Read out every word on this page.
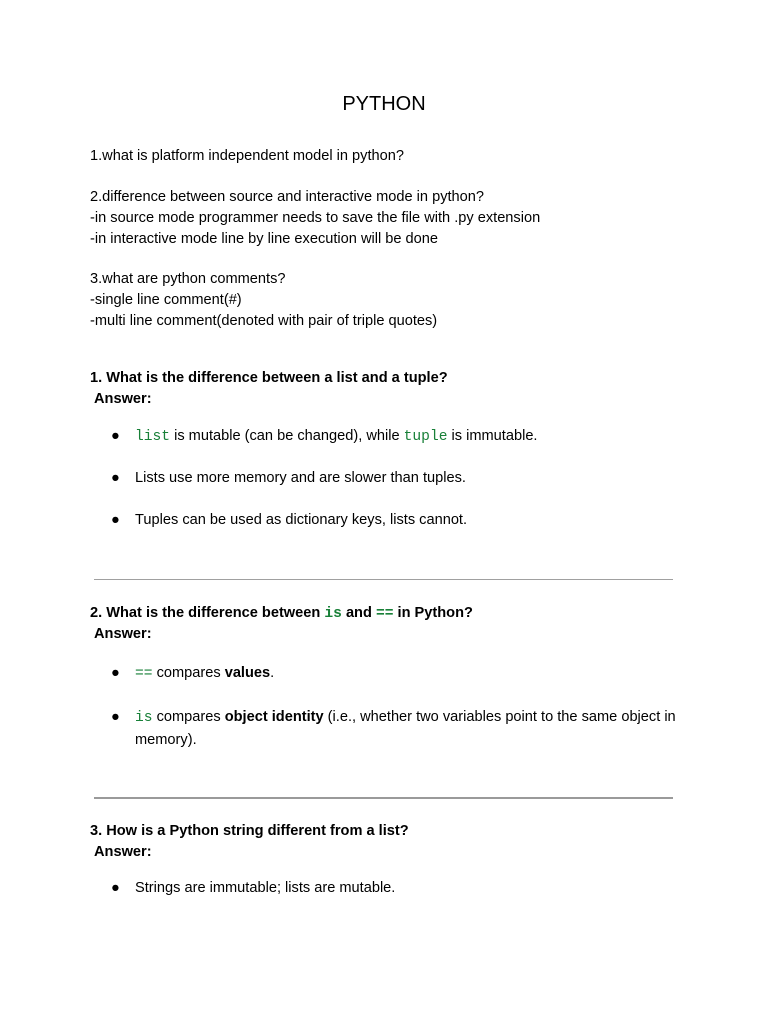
PYTHON
1.what is platform independent model in python?
2.difference between source and interactive mode in python?
-in source mode programmer needs to save the file with .py extension
-in interactive mode line by line execution will be done
3.what are python comments?
-single line comment(#)
-multi line comment(denoted with pair of triple quotes)
1. What is the difference between a list and a tuple?
Answer:
● list is mutable (can be changed), while tuple is immutable.
● Lists use more memory and are slower than tuples.
● Tuples can be used as dictionary keys, lists cannot.
2. What is the difference between is and == in Python?
Answer:
● == compares values.
● is compares object identity (i.e., whether two variables point to the same object in memory).
3. How is a Python string different from a list?
Answer:
● Strings are immutable; lists are mutable.
